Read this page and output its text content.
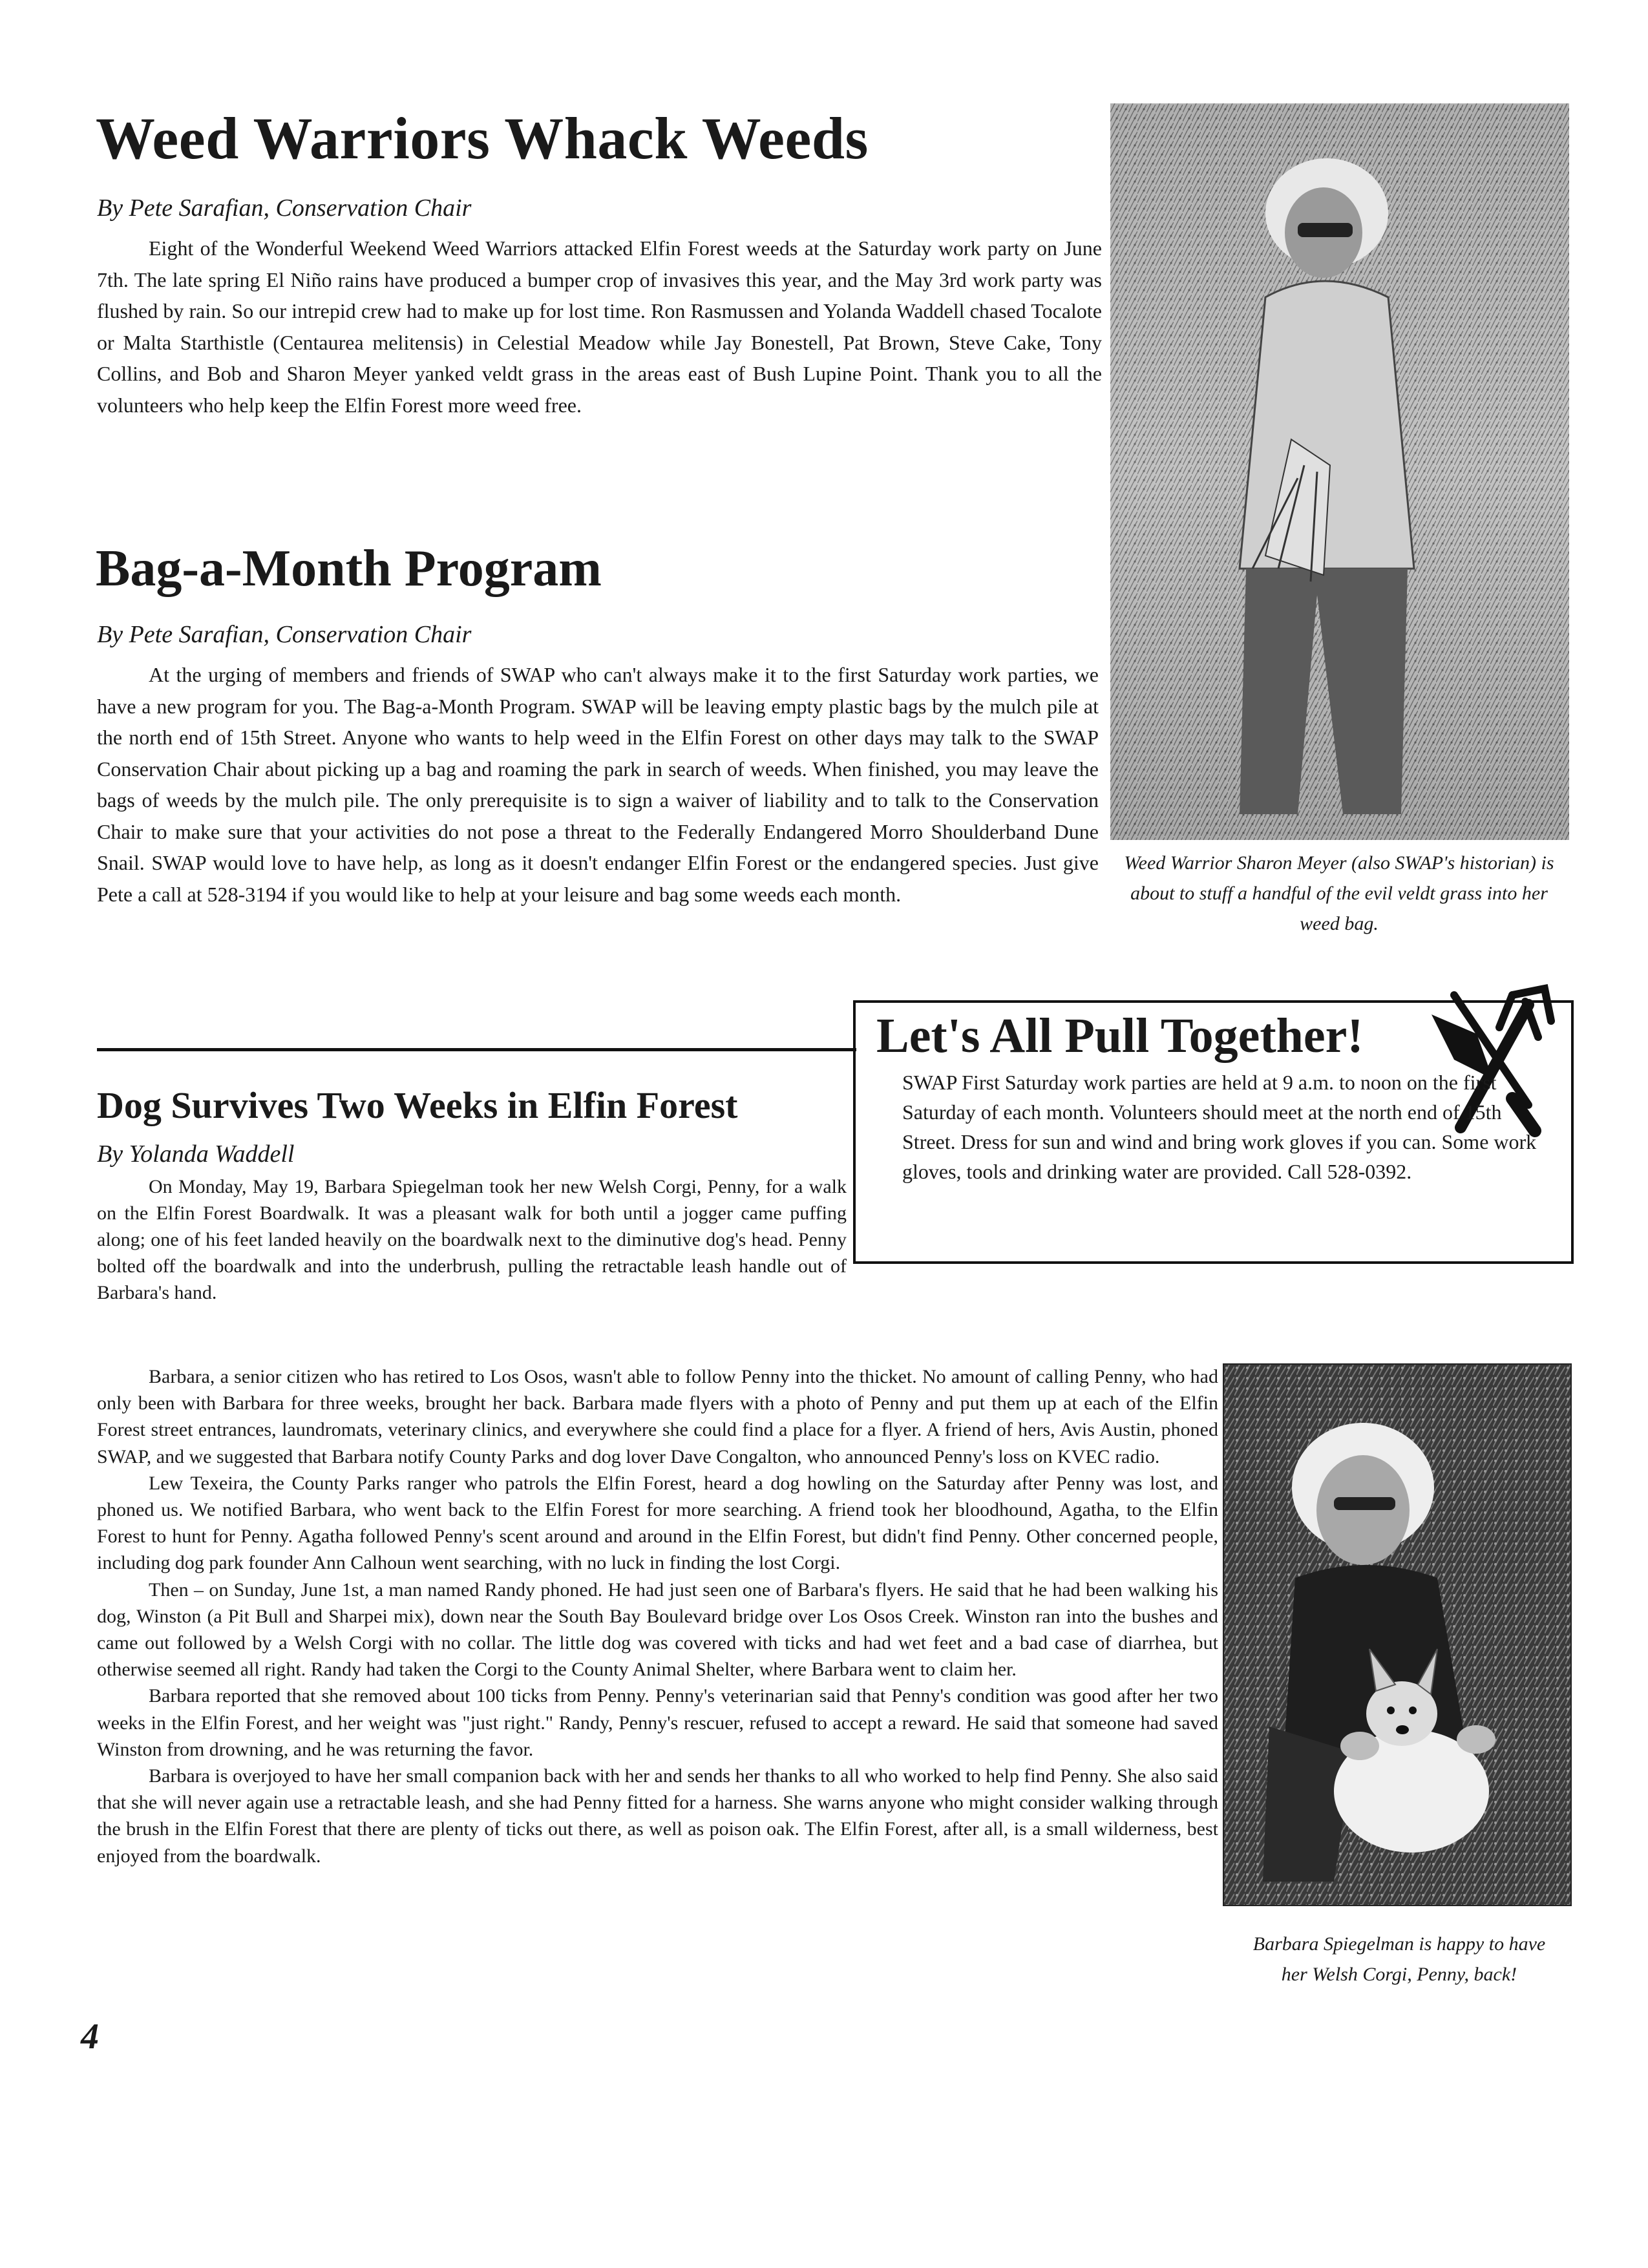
Weed Warriors Whack Weeds
By Pete Sarafian, Conservation Chair

Eight of the Wonderful Weekend Weed Warriors attacked Elfin Forest weeds at the Saturday work party on June 7th. The late spring El Niño rains have produced a bumper crop of invasives this year, and the May 3rd work party was flushed by rain. So our intrepid crew had to make up for lost time. Ron Rasmussen and Yolanda Waddell chased Tocalote or Malta Starthistle (Centaurea melitensis) in Celestial Meadow while Jay Bonestell, Pat Brown, Steve Cake, Tony Collins, and Bob and Sharon Meyer yanked veldt grass in the areas east of Bush Lupine Point. Thank you to all the volunteers who help keep the Elfin Forest more weed free.

Bag-a-Month Program
By Pete Sarafian, Conservation Chair

At the urging of members and friends of SWAP who can't always make it to the first Saturday work parties, we have a new program for you. The Bag-a-Month Program. SWAP will be leaving empty plastic bags by the mulch pile at the north end of 15th Street. Anyone who wants to help weed in the Elfin Forest on other days may talk to the SWAP Conservation Chair about picking up a bag and roaming the park in search of weeds. When finished, you may leave the bags of weeds by the mulch pile. The only prerequisite is to sign a waiver of liability and to talk to the Conservation Chair to make sure that your activities do not pose a threat to the Federally Endangered Morro Shoulderband Dune Snail. SWAP would love to have help, as long as it doesn't endanger Elfin Forest or the endangered species. Just give Pete a call at 528-3194 if you would like to help at your leisure and bag some weeds each month.

Weed Warrior Sharon Meyer (also SWAP's historian) is about to stuff a handful of the evil veldt grass into her weed bag.
Let's All Pull Together!
SWAP First Saturday work parties are held at 9 a.m. to noon on the first Saturday of each month. Volunteers should meet at the north end of 15th Street. Dress for sun and wind and bring work gloves if you can. Some work gloves, tools and drinking water are provided. Call 528-0392.
Dog Survives Two Weeks in Elfin Forest
By Yolanda Waddell

On Monday, May 19, Barbara Spiegelman took her new Welsh Corgi, Penny, for a walk on the Elfin Forest Boardwalk. It was a pleasant walk for both until a jogger came puffing along; one of his feet landed heavily on the boardwalk next to the diminutive dog's head. Penny bolted off the boardwalk and into the underbrush, pulling the retractable leash handle out of Barbara's hand.

Barbara, a senior citizen who has retired to Los Osos, wasn't able to follow Penny into the thicket. No amount of calling Penny, who had only been with Barbara for three weeks, brought her back. Barbara made flyers with a photo of Penny and put them up at each of the Elfin Forest street entrances, laundromats, veterinary clinics, and everywhere she could find a place for a flyer. A friend of hers, Avis Austin, phoned SWAP, and we suggested that Barbara notify County Parks and dog lover Dave Congalton, who announced Penny's loss on KVEC radio.

Lew Texeira, the County Parks ranger who patrols the Elfin Forest, heard a dog howling on the Saturday after Penny was lost, and phoned us. We notified Barbara, who went back to the Elfin Forest for more searching. A friend took her bloodhound, Agatha, to the Elfin Forest to hunt for Penny. Agatha followed Penny's scent around and around in the Elfin Forest, but didn't find Penny. Other concerned people, including dog park founder Ann Calhoun went searching, with no luck in finding the lost Corgi.

Then – on Sunday, June 1st, a man named Randy phoned. He had just seen one of Barbara's flyers. He said that he had been walking his dog, Winston (a Pit Bull and Sharpei mix), down near the South Bay Boulevard bridge over Los Osos Creek. Winston ran into the bushes and came out followed by a Welsh Corgi with no collar. The little dog was covered with ticks and had wet feet and a bad case of diarrhea, but otherwise seemed all right. Randy had taken the Corgi to the County Animal Shelter, where Barbara went to claim her.

Barbara reported that she removed about 100 ticks from Penny. Penny's veterinarian said that Penny's condition was good after her two weeks in the Elfin Forest, and her weight was "just right." Randy, Penny's rescuer, refused to accept a reward. He said that someone had saved Winston from drowning, and he was returning the favor.

Barbara is overjoyed to have her small companion back with her and sends her thanks to all who worked to help find Penny. She also said that she will never again use a retractable leash, and she had Penny fitted for a harness. She warns anyone who might consider walking through the brush in the Elfin Forest that there are plenty of ticks out there, as well as poison oak. The Elfin Forest, after all, is a small wilderness, best enjoyed from the boardwalk.

Barbara Spiegelman is happy to have her Welsh Corgi, Penny, back!
4
